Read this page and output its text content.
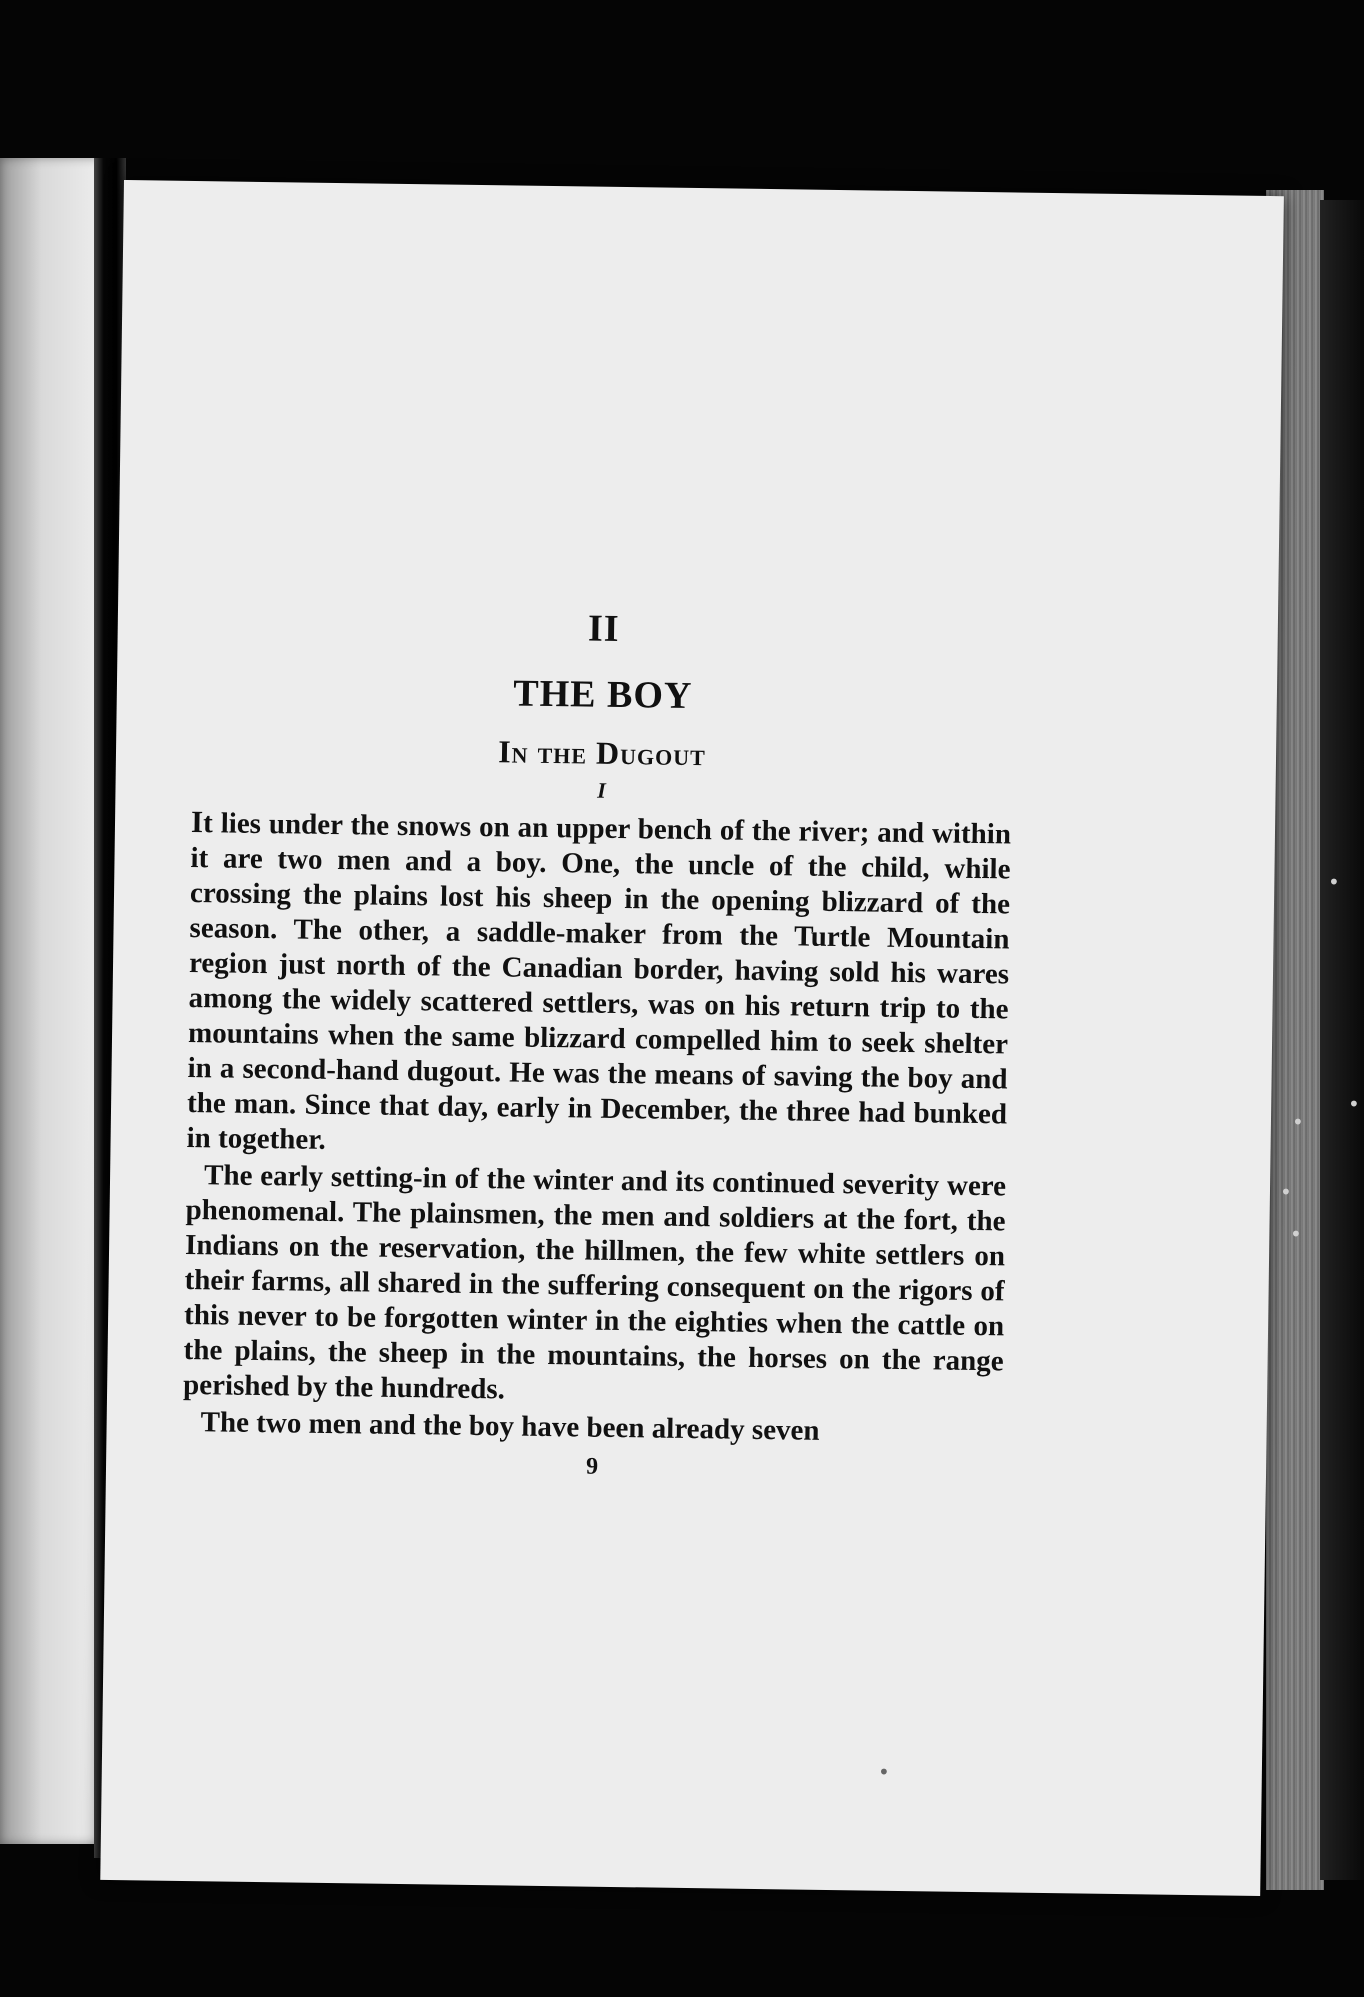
II
THE BOY
In the Dugout
I
It lies under the snows on an upper bench of the river; and within it are two men and a boy. One, the uncle of the child, while crossing the plains lost his sheep in the opening blizzard of the season. The other, a saddle-maker from the Turtle Mountain region just north of the Canadian border, having sold his wares among the widely scattered settlers, was on his return trip to the mountains when the same blizzard compelled him to seek shelter in a second-hand dugout. He was the means of saving the boy and the man. Since that day, early in December, the three had bunked in together.
The early setting-in of the winter and its continued severity were phenomenal. The plainsmen, the men and soldiers at the fort, the Indians on the reservation, the hillmen, the few white settlers on their farms, all shared in the suffering consequent on the rigors of this never to be forgotten winter in the eighties when the cattle on the plains, the sheep in the mountains, the horses on the range perished by the hundreds.
The two men and the boy have been already seven
9
•
•
•
•
•
•
